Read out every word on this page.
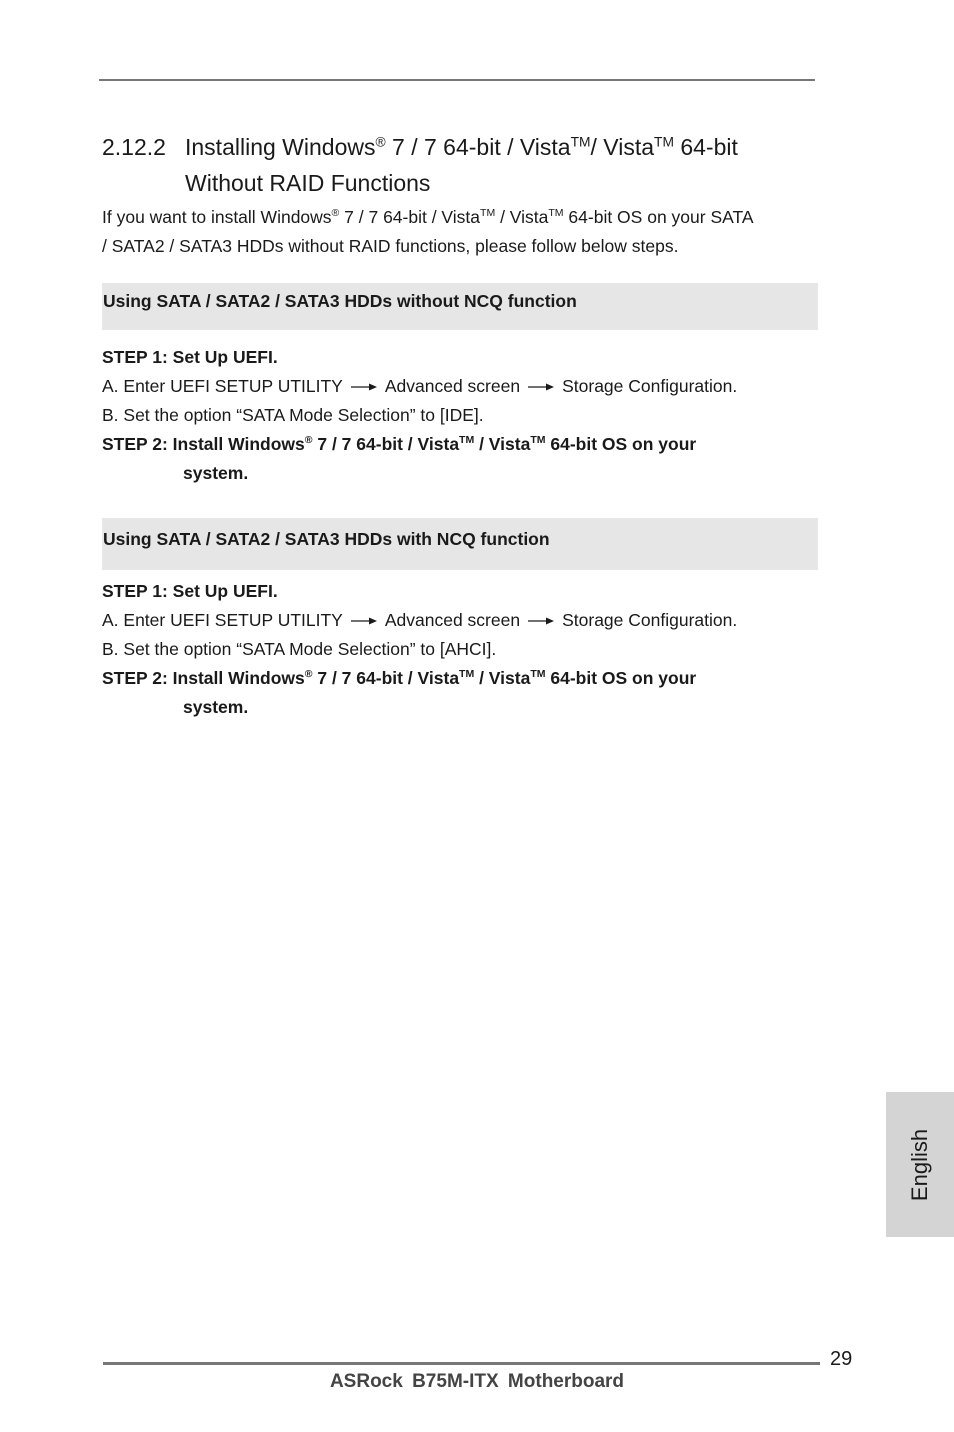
2.12.2 Installing Windows® 7 / 7 64-bit / Vista™/ Vista™ 64-bit
Without RAID Functions
If you want to install Windows® 7 / 7 64-bit / Vista™ / Vista™ 64-bit OS on your SATA
/ SATA2 / SATA3 HDDs without RAID functions, please follow below steps.
Using SATA / SATA2 / SATA3 HDDs without NCQ function
STEP 1: Set Up UEFI.
A. Enter UEFI SETUP UTILITY Advanced screen Storage Configuration.
B. Set the option “SATA Mode Selection” to [IDE].
STEP 2: Install Windows® 7 / 7 64-bit / Vista™ / Vista™ 64-bit OS on your
system.
Using SATA / SATA2 / SATA3 HDDs with NCQ function
STEP 1: Set Up UEFI.
A. Enter UEFI SETUP UTILITY Advanced screen Storage Configuration.
B. Set the option “SATA Mode Selection” to [AHCI].
STEP 2: Install Windows® 7 / 7 64-bit / Vista™ / Vista™ 64-bit OS on your
system.
English
29
ASRock B75M-ITX Motherboard
